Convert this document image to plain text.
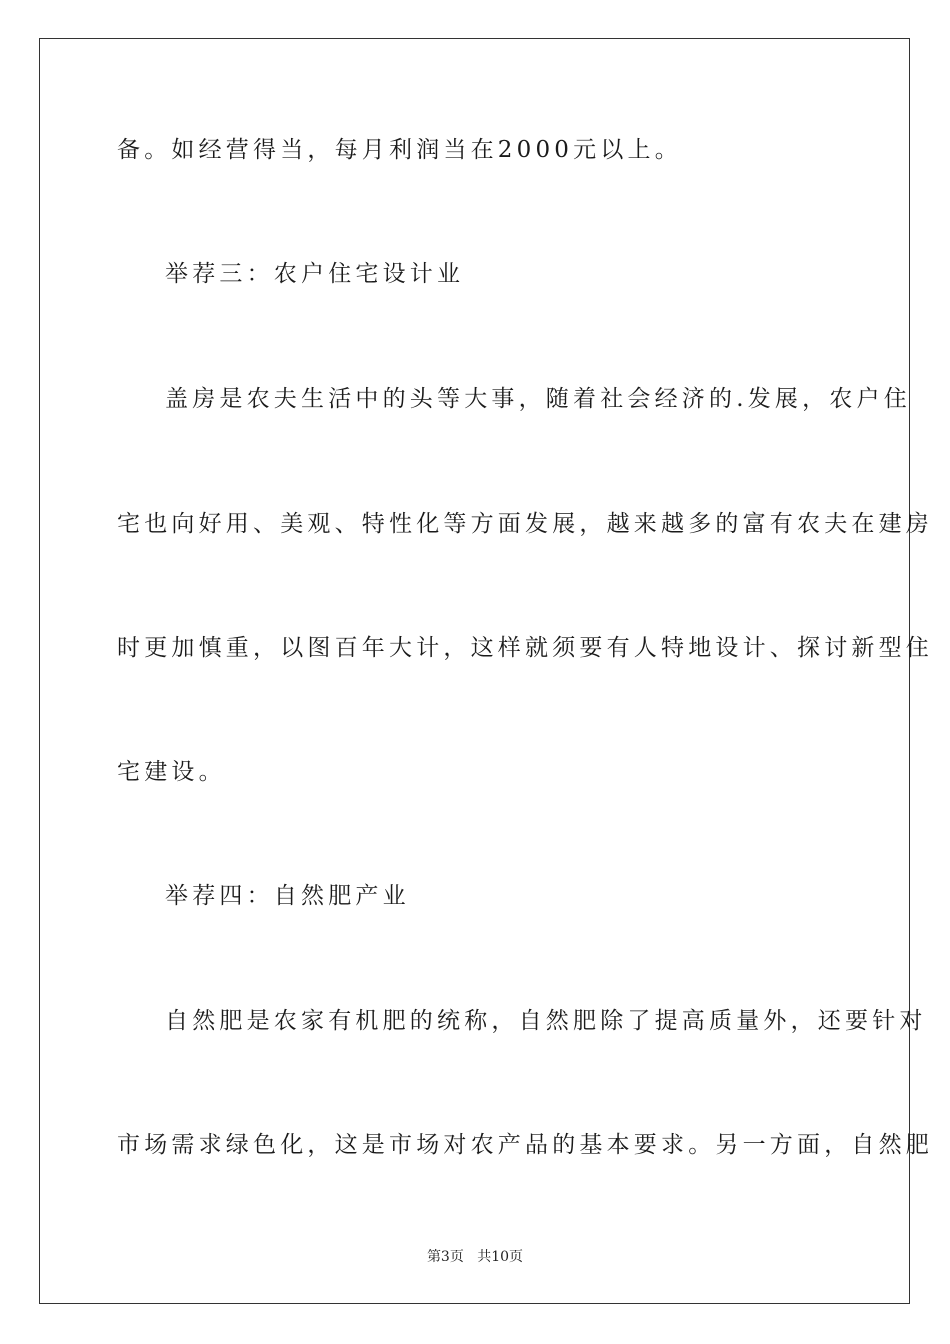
备。如经营得当，每月利润当在2000元以上。
举荐三：农户住宅设计业
盖房是农夫生活中的头等大事，随着社会经济的.发展，农户住
宅也向好用、美观、特性化等方面发展，越来越多的富有农夫在建房
时更加慎重，以图百年大计，这样就须要有人特地设计、探讨新型住
宅建设。
举荐四：自然肥产业
自然肥是农家有机肥的统称，自然肥除了提高质量外，还要针对
市场需求绿色化，这是市场对农产品的基本要求。另一方面，自然肥
第3页 共10页
